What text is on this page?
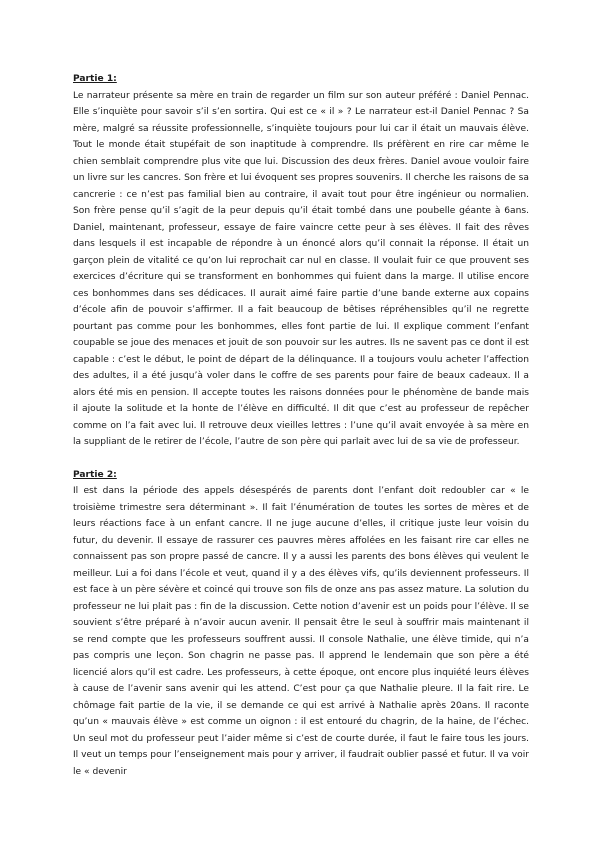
Partie 1:

Le narrateur présente sa mère en train de regarder un film sur son auteur préféré : Daniel Pennac. Elle s’inquiète pour savoir s’il s’en sortira. Qui est ce « il » ? Le narrateur est-il Daniel Pennac ? Sa mère, malgré sa réussite professionnelle, s’inquiète toujours pour lui car il était un mauvais élève. Tout le monde était stupéfait de son inaptitude à comprendre. Ils préfèrent en rire car même le chien semblait comprendre plus vite que lui. Discussion des deux frères. Daniel avoue vouloir faire un livre sur les cancres. Son frère et lui évoquent ses propres souvenirs. Il cherche les raisons de sa cancrerie : ce n’est pas familial bien au contraire, il avait tout pour être ingénieur ou normalien. Son frère pense qu’il s’agit de la peur depuis qu’il était tombé dans une poubelle géante à 6ans. Daniel, maintenant, professeur, essaye de faire vaincre cette peur à ses élèves. Il fait des rêves dans lesquels il est incapable de répondre à un énoncé alors qu’il connait la réponse. Il était un garçon plein de vitalité ce qu’on lui reprochait car nul en classe. Il voulait fuir ce que prouvent ses exercices d’écriture qui se transforment en bonhommes qui fuient dans la marge. Il utilise encore ces bonhommes dans ses dédicaces. Il aurait aimé faire partie d’une bande externe aux copains d’école afin de pouvoir s’affirmer. Il a fait beaucoup de bêtises répréhensibles qu’il ne regrette pourtant pas comme pour les bonhommes, elles font partie de lui. Il explique comment l’enfant coupable se joue des menaces et jouit de son pouvoir sur les autres. Ils ne savent pas ce dont il est capable : c’est le début, le point de départ de la délinquance. Il a toujours voulu acheter l’affection des adultes, il a été jusqu’à voler dans le coffre de ses parents pour faire de beaux cadeaux. Il a alors été mis en pension. Il accepte toutes les raisons données pour le phénomène de bande mais il ajoute la solitude et la honte de l’élève en difficulté. Il dit que c’est au professeur de repêcher comme on l’a fait avec lui. Il retrouve deux vieilles lettres : l’une qu’il avait envoyée à sa mère en la suppliant de le retirer de l’école, l’autre de son père qui parlait avec lui de sa vie de professeur.

Partie 2:

Il est dans la période des appels désespérés de parents dont l’enfant doit redoubler car « le troisième trimestre sera déterminant ». Il fait l’énumération de toutes les sortes de mères et de leurs réactions face à un enfant cancre. Il ne juge aucune d’elles, il critique juste leur voisin du futur, du devenir. Il essaye de rassurer ces pauvres mères affolées en les faisant rire car elles ne connaissent pas son propre passé de cancre. Il y a aussi les parents des bons élèves qui veulent le meilleur. Lui a foi dans l’école et veut, quand il y a des élèves vifs, qu’ils deviennent professeurs. Il est face à un père sévère et coincé qui trouve son fils de onze ans pas assez mature. La solution du professeur ne lui plait pas : fin de la discussion. Cette notion d’avenir est un poids pour l’élève. Il se souvient s’être préparé à n’avoir aucun avenir. Il pensait être le seul à souffrir mais maintenant il se rend compte que les professeurs souffrent aussi. Il console Nathalie, une élève timide, qui n’a pas compris une leçon. Son chagrin ne passe pas. Il apprend le lendemain que son père a été licencié alors qu’il est cadre. Les professeurs, à cette époque, ont encore plus inquiété leurs élèves à cause de l’avenir sans avenir qui les attend. C’est pour ça que Nathalie pleure. Il la fait rire. Le chômage fait partie de la vie, il se demande ce qui est arrivé à Nathalie après 20ans. Il raconte qu’un « mauvais élève » est comme un oignon : il est entouré du chagrin, de la haine, de l’échec. Un seul mot du professeur peut l’aider même si c’est de courte durée, il faut le faire tous les jours. Il veut un temps pour l’enseignement mais pour y arriver, il faudrait oublier passé et futur. Il va voir le « devenir
